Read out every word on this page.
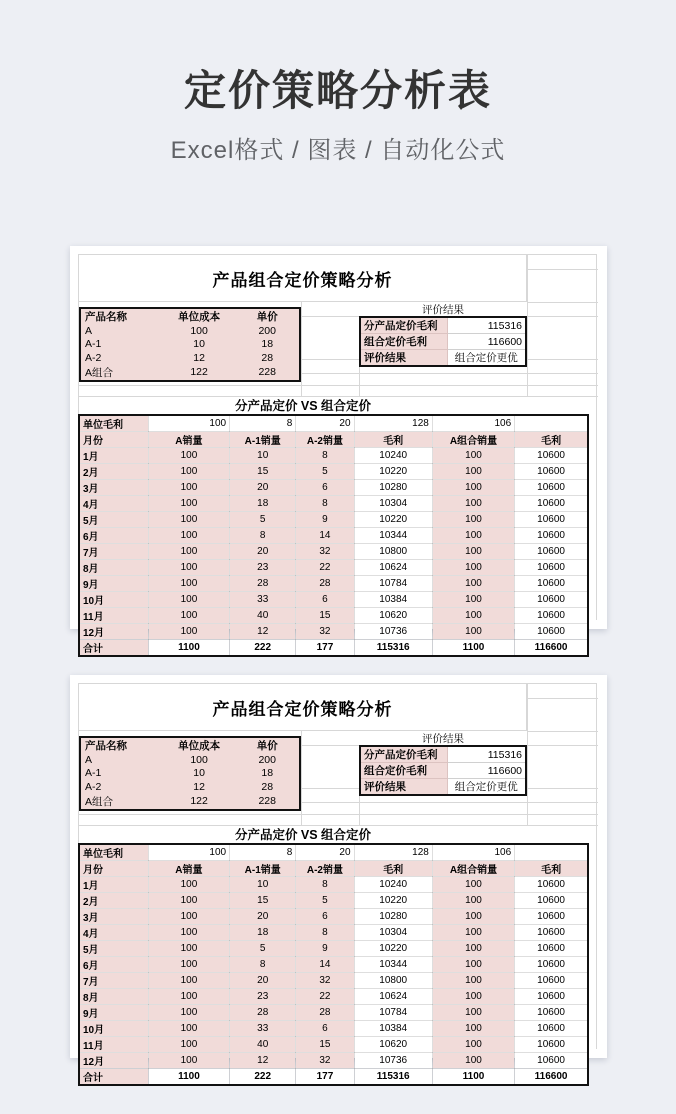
定价策略分析表
Excel格式 / 图表 / 自动化公式
产品组合定价策略分析
产品名称	单位成本	单价
A	100	200
A-1	10	18
A-2	12	28
A组合	122	228
评价结果
分产品定价毛利	115316
组合定价毛利	116600
评价结果	组合定价更优
分产品定价 VS 组合定价
单位毛利	100	8	20	128	106	
月份	A销量	A-1销量	A-2销量	毛利	A组合销量	毛利
1月	100	10	8	10240	100	10600
2月	100	15	5	10220	100	10600
3月	100	20	6	10280	100	10600
4月	100	18	8	10304	100	10600
5月	100	5	9	10220	100	10600
6月	100	8	14	10344	100	10600
7月	100	20	32	10800	100	10600
8月	100	23	22	10624	100	10600
9月	100	28	28	10784	100	10600
10月	100	33	6	10384	100	10600
11月	100	40	15	10620	100	10600
12月	100	12	32	10736	100	10600
合计	1100	222	177	115316	1100	116600
产品组合定价策略分析
产品名称	单位成本	单价
A	100	200
A-1	10	18
A-2	12	28
A组合	122	228
评价结果
分产品定价毛利	115316
组合定价毛利	116600
评价结果	组合定价更优
分产品定价 VS 组合定价
单位毛利	100	8	20	128	106	
月份	A销量	A-1销量	A-2销量	毛利	A组合销量	毛利
1月	100	10	8	10240	100	10600
2月	100	15	5	10220	100	10600
3月	100	20	6	10280	100	10600
4月	100	18	8	10304	100	10600
5月	100	5	9	10220	100	10600
6月	100	8	14	10344	100	10600
7月	100	20	32	10800	100	10600
8月	100	23	22	10624	100	10600
9月	100	28	28	10784	100	10600
10月	100	33	6	10384	100	10600
11月	100	40	15	10620	100	10600
12月	100	12	32	10736	100	10600
合计	1100	222	177	115316	1100	116600
